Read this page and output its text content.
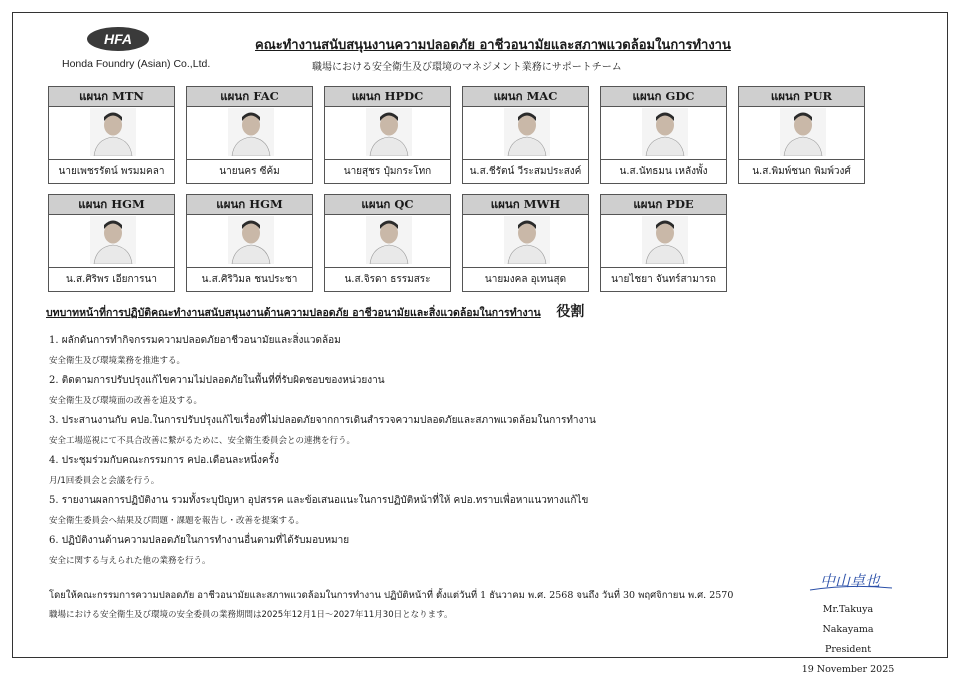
HFA
Honda Foundry (Asian) Co.,Ltd.
คณะทำงานสนับสนุนงานความปลอดภัย อาชีวอนามัยและสภาพแวดล้อมในการทำงาน
職場における安全衛生及び環境のマネジメント業務にサポートチーム
แผนก MTN
นายเพชรรัตน์ พรมมคลา
แผนก FAC
นายนคร ซีค้ม
แผนก HPDC
นายสุชร ปุ๋มกระโทก
แผนก MAC
น.ส.ชีรัตน์ วีระสมประสงค์
แผนก GDC
น.ส.นัทธมน เหลังพั้ง
แผนก PUR
น.ส.พิมพ์ชนก พิมพ์วงศ์
แผนก HGM
น.ส.ศิริพร เอียการนา
แผนก HGM
น.ส.ศิริวิมล ชนประชา
แผนก QC
น.ส.จิรดา ธรรมสระ
แผนก MWH
นายมงคล อุเทนสุด
แผนก PDE
นายไชยา จันทร์สามารถ
บทบาทหน้าที่การปฏิบัติคณะทำงานสนับสนุนงานด้านความปลอดภัย อาชีวอนามัยและสิ่งแวดล้อมในการทำงาน 役割
1. ผลักดันการทำกิจกรรมความปลอดภัยอาชีวอนามัยและสิ่งแวดล้อม
安全衛生及び環境業務を推進する。
2. ติดตามการปรับปรุงแก้ไขความไม่ปลอดภัยในพื้นที่ที่รับผิดชอบของหน่วยงาน
安全衛生及び環境面の改善を追及する。
3. ประสานงานกับ คปอ.ในการปรับปรุงแก้ไขเรื่องที่ไม่ปลอดภัยจากการเดินสำรวจความปลอดภัยและสภาพแวดล้อมในการทำงาน
安全工場巡視にて不具合改善に繋がるために、安全衛生委員会との連携を行う。
4. ประชุมร่วมกับคณะกรรมการ คปอ.เดือนละหนึ่งครั้ง
月/1回委員会と会議を行う。
5. รายงานผลการปฏิบัติงาน รวมทั้งระบุปัญหา อุปสรรค และข้อเสนอแนะในการปฏิบัติหน้าที่ให้ คปอ.ทราบเพื่อหาแนวทางแก้ไข
安全衛生委員会へ結果及び問題・課題を報告し・改善を提案する。
6. ปฏิบัติงานด้านความปลอดภัยในการทำงานอื่นตามที่ได้รับมอบหมาย
安全に関する与えられた他の業務を行う。
โดยให้คณะกรรมการความปลอดภัย อาชีวอนามัยและสภาพแวดล้อมในการทำงาน ปฏิบัติหน้าที่ ตั้งแต่วันที่ 1 ธันวาคม พ.ศ. 2568 จนถึง วันที่ 30 พฤศจิกายน พ.ศ. 2570
職場における安全衛生及び環境の安全委員の業務期間は2025年12月1日～2027年11月30日となります。
中山卓也
Mr.Takuya Nakayama
President
19 November 2025
